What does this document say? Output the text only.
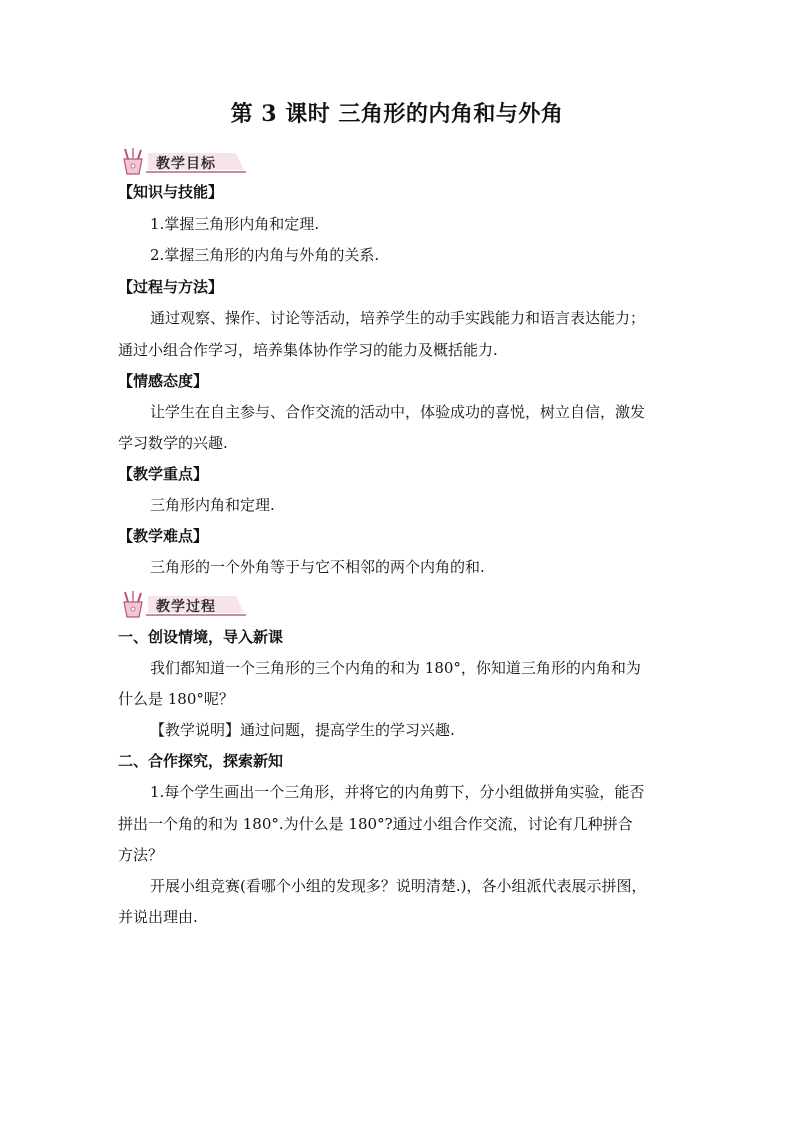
第 3 课时 三角形的内角和与外角
教学目标
【知识与技能】
1.掌握三角形内角和定理.
2.掌握三角形的内角与外角的关系.
【过程与方法】
通过观察、操作、讨论等活动，培养学生的动手实践能力和语言表达能力；
通过小组合作学习，培养集体协作学习的能力及概括能力.
【情感态度】
让学生在自主参与、合作交流的活动中，体验成功的喜悦，树立自信，激发
学习数学的兴趣.
【教学重点】
三角形内角和定理.
【教学难点】
三角形的一个外角等于与它不相邻的两个内角的和.
教学过程
一、创设情境，导入新课
我们都知道一个三角形的三个内角的和为 180°，你知道三角形的内角和为
什么是 180°呢？
【教学说明】通过问题，提高学生的学习兴趣.
二、合作探究，探索新知
1.每个学生画出一个三角形，并将它的内角剪下，分小组做拼角实验，能否
拼出一个角的和为 180°.为什么是 180°?通过小组合作交流，讨论有几种拼合
方法？
开展小组竞赛(看哪个小组的发现多？说明清楚.)，各小组派代表展示拼图，
并说出理由.
